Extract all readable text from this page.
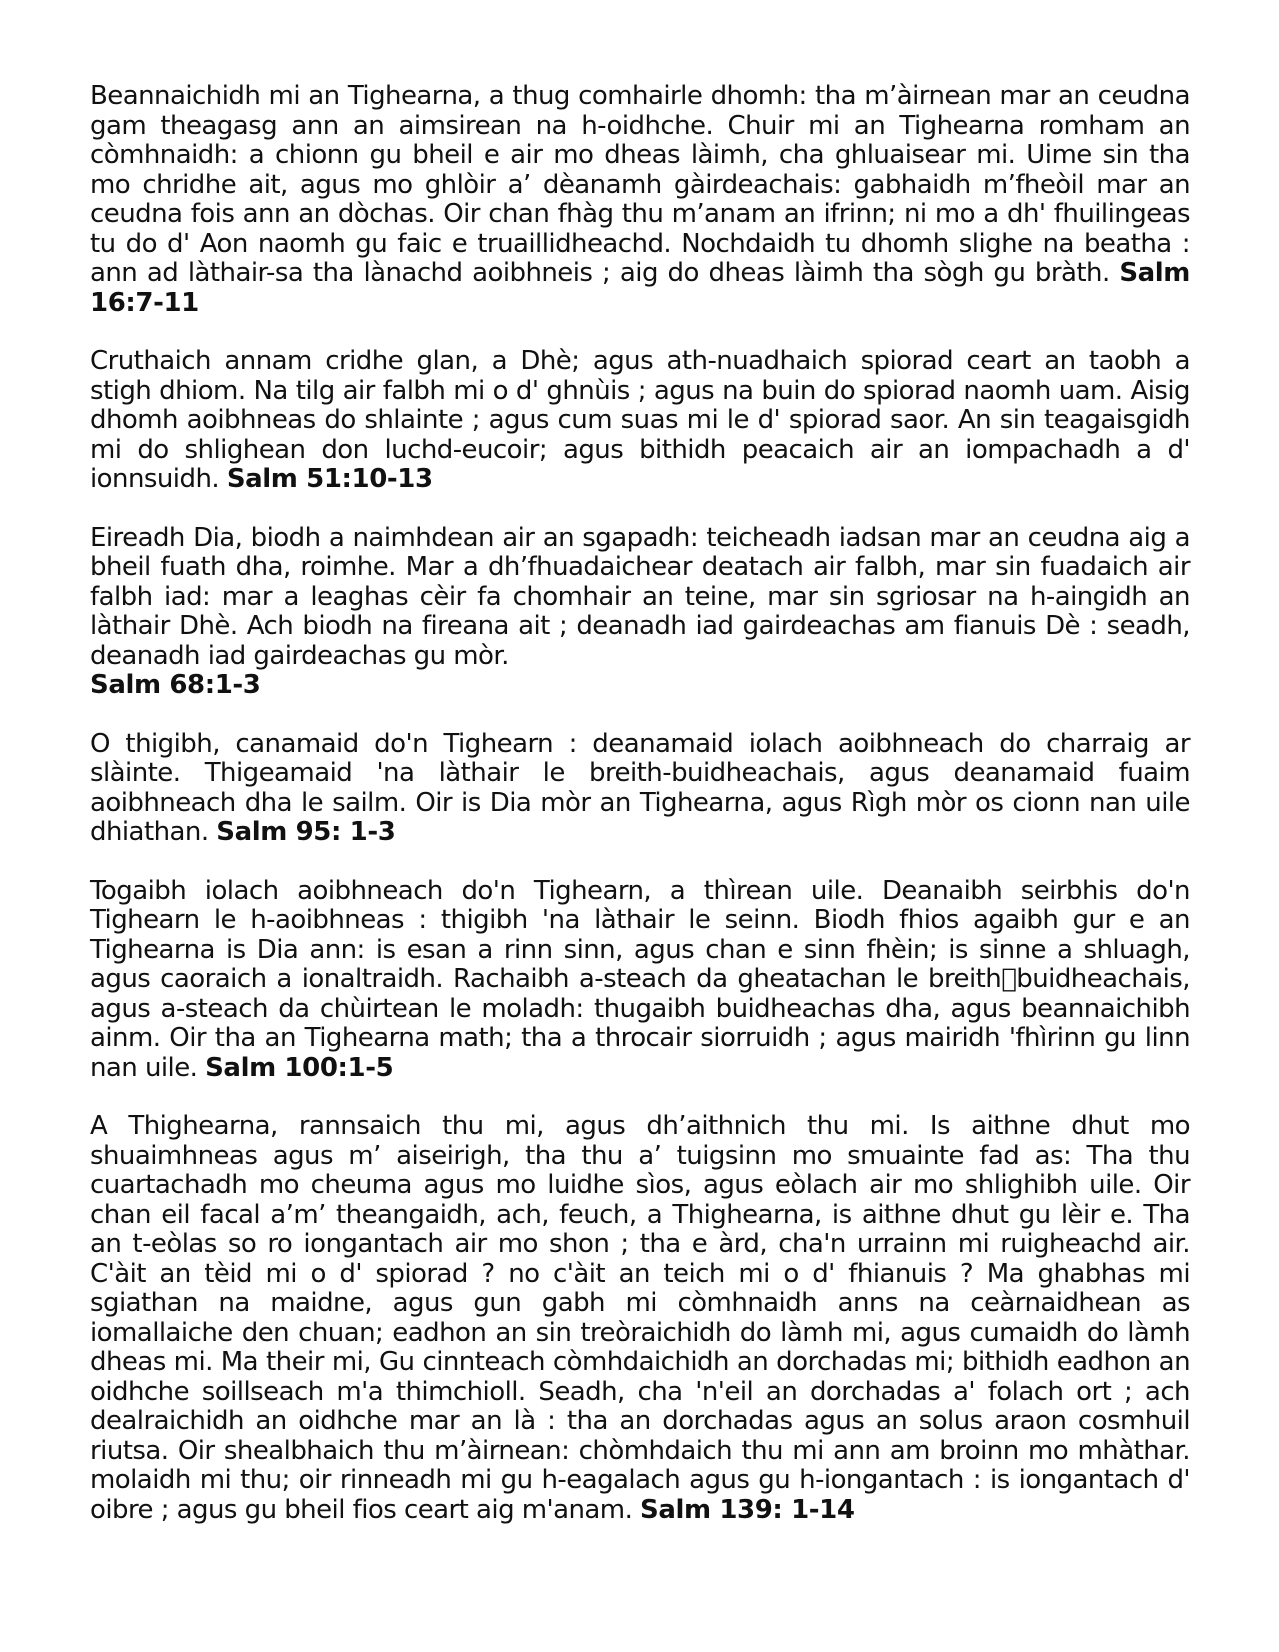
Beannaichidh mi an Tighearna, a thug comhairle dhomh: tha m’àirnean mar an ceudna gam theagasg ann an aimsirean na h-oidhche. Chuir mi an Tighearna romham an còmhnaidh: a chionn gu bheil e air mo dheas làimh, cha ghluaisear mi. Uime sin tha mo chridhe ait, agus mo ghlòir a’ dèanamh gàirdeachais: gabhaidh m’fheòil mar an ceudna fois ann an dòchas. Oir chan fhàg thu m’anam an ifrinn; ni mo a dh' fhuilingeas tu do d' Aon naomh gu faic e truaillidheachd. Nochdaidh tu dhomh slighe na beatha : ann ad làthair-sa tha lànachd aoibhneis ; aig do dheas làimh tha sògh gu bràth. Salm 16:7-11

Cruthaich annam cridhe glan, a Dhè; agus ath-nuadhaich spiorad ceart an taobh a stigh dhiom. Na tilg air falbh mi o d' ghnùis ; agus na buin do spiorad naomh uam. Aisig dhomh aoibhneas do shlainte ; agus cum suas mi le d' spiorad saor. An sin teagaisgidh mi do shlighean don luchd-eucoir; agus bithidh peacaich air an iompachadh a d' ionnsuidh. Salm 51:10-13

Eireadh Dia, biodh a naimhdean air an sgapadh: teicheadh iadsan mar an ceudna aig a bheil fuath dha, roimhe. Mar a dh’fhuadaichear deatach air falbh, mar sin fuadaich air falbh iad: mar a leaghas cèir fa chomhair an teine, mar sin sgriosar na h-aingidh an làthair Dhè. Ach biodh na fireana ait ; deanadh iad gairdeachas am fianuis Dè : seadh, deanadh iad gairdeachas gu mòr.
Salm 68:1-3

O thigibh, canamaid do'n Tighearn : deanamaid iolach aoibhneach do charraig ar slàinte. Thigeamaid 'na làthair le breith-buidheachais, agus deanamaid fuaim aoibhneach dha le sailm. Oir is Dia mòr an Tighearna, agus Rìgh mòr os cionn nan uile dhiathan. Salm 95: 1-3

Togaibh iolach aoibhneach do'n Tighearn, a thìrean uile. Deanaibh seirbhis do'n Tighearn le h-aoibhneas : thigibh 'na làthair le seinn. Biodh fhios agaibh gur e an Tighearna is Dia ann: is esan a rinn sinn, agus chan e sinn fhèin; is sinne a shluagh, agus caoraich a ionaltraidh. Rachaibh a-steach da gheatachan le breith buidheachais, agus a-steach da chùirtean le moladh: thugaibh buidheachas dha, agus beannaichibh ainm. Oir tha an Tighearna math; tha a throcair siorruidh ; agus mairidh 'fhìrinn gu linn nan uile. Salm 100:1-5

A Thighearna, rannsaich thu mi, agus dh’aithnich thu mi. Is aithne dhut mo shuaimhneas agus m’ aiseirigh, tha thu a’ tuigsinn mo smuainte fad as: Tha thu cuartachadh mo cheuma agus mo luidhe sìos, agus eòlach air mo shlighibh uile. Oir chan eil facal a’m’ theangaidh, ach, feuch, a Thighearna, is aithne dhut gu lèir e. Tha an t-eòlas so ro iongantach air mo shon ; tha e àrd, cha'n urrainn mi ruigheachd air. C'àit an tèid mi o d' spiorad ? no c'àit an teich mi o d' fhianuis ? Ma ghabhas mi sgiathan na maidne, agus gun gabh mi còmhnaidh anns na ceàrnaidhean as iomallaiche den chuan; eadhon an sin treòraichidh do làmh mi, agus cumaidh do làmh dheas mi. Ma their mi, Gu cinnteach còmhdaichidh an dorchadas mi; bithidh eadhon an oidhche soillseach m'a thimchioll. Seadh, cha 'n'eil an dorchadas a' folach ort ; ach dealraichidh an oidhche mar an là : tha an dorchadas agus an solus araon cosmhuil riutsa. Oir shealbhaich thu m’àirnean: chòmhdaich thu mi ann am broinn mo mhàthar. molaidh mi thu; oir rinneadh mi gu h-eagalach agus gu h-iongantach : is iongantach d' oibre ; agus gu bheil fios ceart aig m'anam. Salm 139: 1-14
